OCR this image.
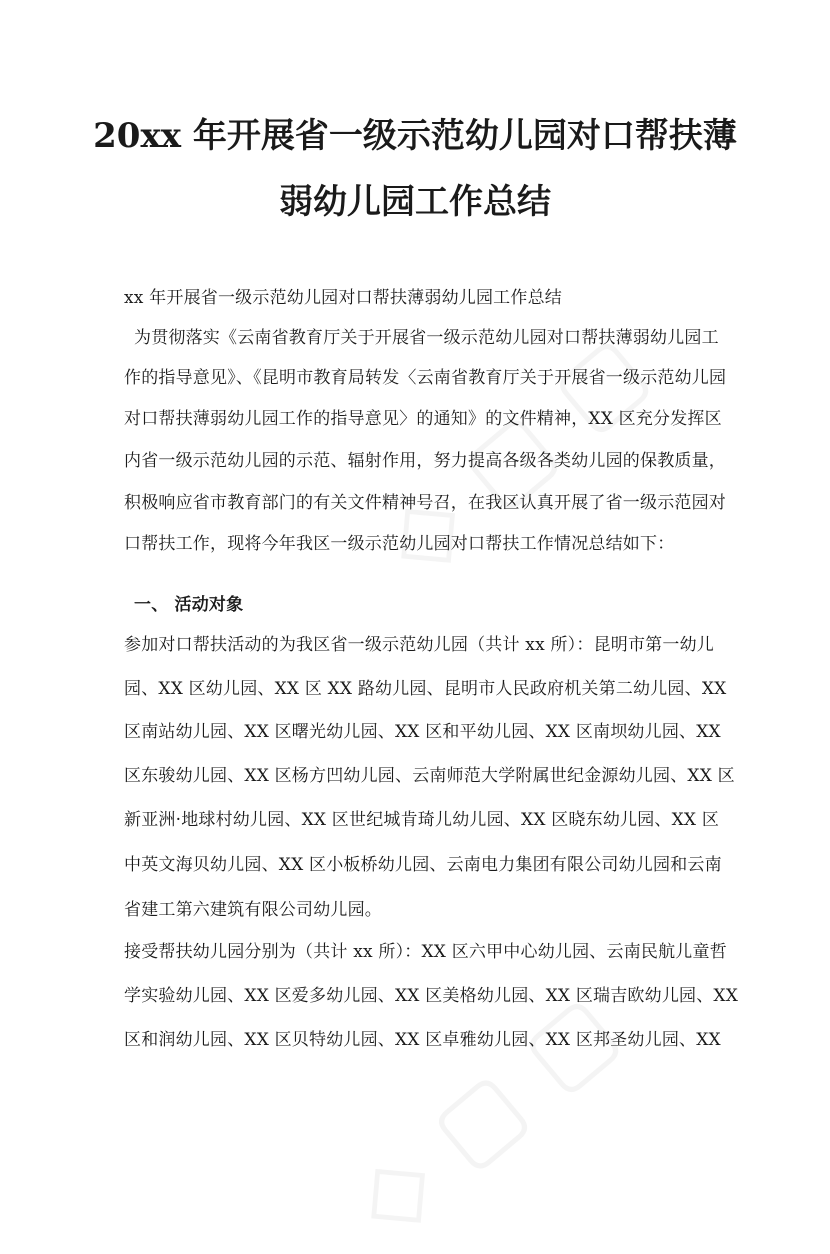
20xx 年开展省一级示范幼儿园对口帮扶薄
弱幼儿园工作总结

xx 年开展省一级示范幼儿园对口帮扶薄弱幼儿园工作总结

为贯彻落实《云南省教育厅关于开展省一级示范幼儿园对口帮扶薄弱幼儿园工

作的指导意见》、《昆明市教育局转发〈云南省教育厅关于开展省一级示范幼儿园

对口帮扶薄弱幼儿园工作的指导意见〉的通知》的文件精神，XX 区充分发挥区

内省一级示范幼儿园的示范、辐射作用，努力提高各级各类幼儿园的保教质量，

积极响应省市教育部门的有关文件精神号召，在我区认真开展了省一级示范园对

口帮扶工作，现将今年我区一级示范幼儿园对口帮扶工作情况总结如下：

一、 活动对象

参加对口帮扶活动的为我区省一级示范幼儿园（共计 xx 所）：昆明市第一幼儿

园、XX 区幼儿园、XX 区 XX 路幼儿园、昆明市人民政府机关第二幼儿园、XX

区南站幼儿园、XX 区曙光幼儿园、XX 区和平幼儿园、XX 区南坝幼儿园、XX

区东骏幼儿园、XX 区杨方凹幼儿园、云南师范大学附属世纪金源幼儿园、XX 区

新亚洲·地球村幼儿园、XX 区世纪城肯琦儿幼儿园、XX 区晓东幼儿园、XX 区

中英文海贝幼儿园、XX 区小板桥幼儿园、云南电力集团有限公司幼儿园和云南

省建工第六建筑有限公司幼儿园。

接受帮扶幼儿园分别为（共计 xx 所）：XX 区六甲中心幼儿园、云南民航儿童哲

学实验幼儿园、XX 区爱多幼儿园、XX 区美格幼儿园、XX 区瑞吉欧幼儿园、XX

区和润幼儿园、XX 区贝特幼儿园、XX 区卓雅幼儿园、XX 区邦圣幼儿园、XX
